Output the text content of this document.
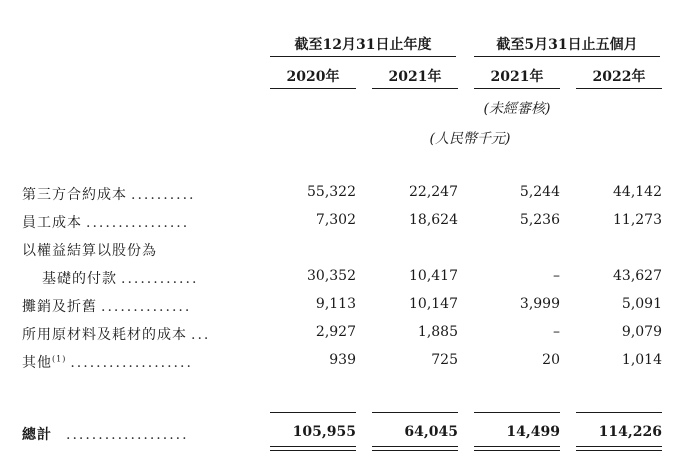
截至12月31日止年度	截至5月31日止五個月
2020年	2021年	2021年	2022年
(未經審核)
(人民幣千元)
第三方合約成本 ..........	55,322	22,247	5,244	44,142
員工成本 ................	7,302	18,624	5,236	11,273
以權益結算以股份為
基礎的付款 ............	30,352	10,417	–	43,627
攤銷及折舊 ..............	9,113	10,147	3,999	5,091
所用原材料及耗材的成本 ...	2,927	1,885	–	9,079
其他$^{(1)}$ ...................	939	725	20	1,014
總計 ...................	105,955	64,045	14,499	114,226
